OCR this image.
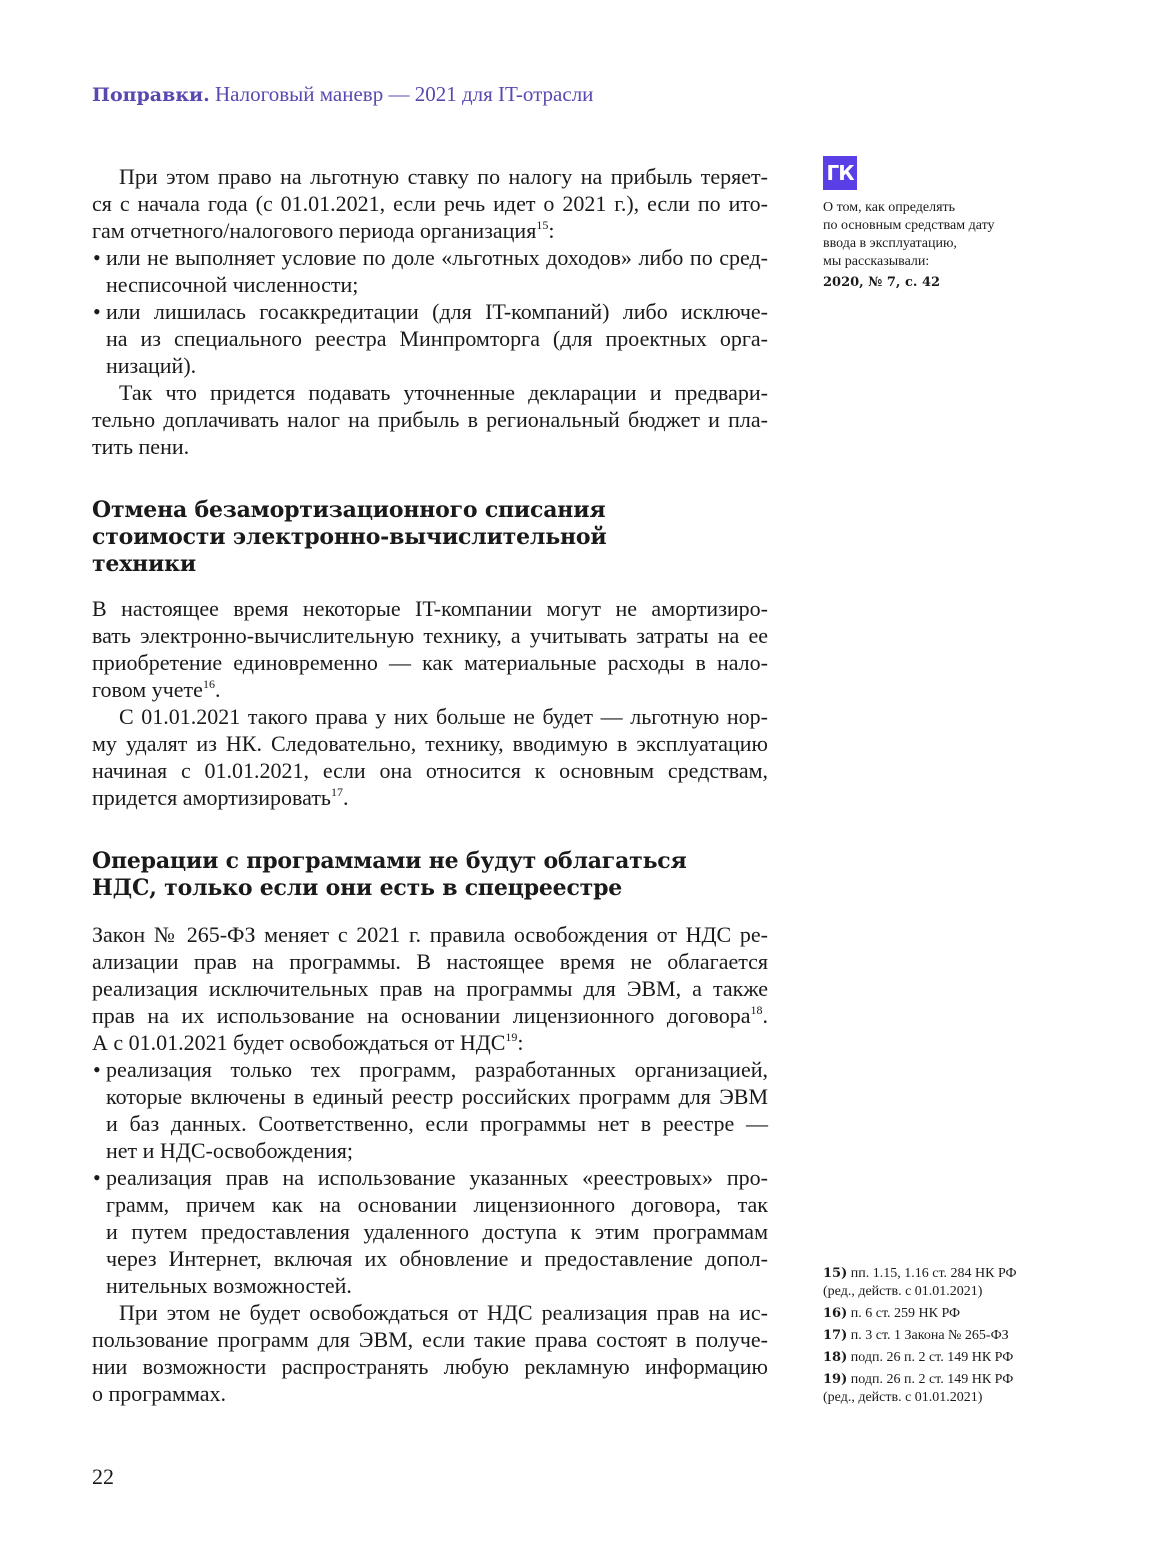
Поправки. Налоговый маневр — 2021 для IT-отрасли
При этом право на льготную ставку по налогу на прибыль теряет-
ся с начала года (с 01.01.2021, если речь идет о 2021 г.), если по ито-
гам отчетного/налогового периода организация$^{15}$:
• или не выполняет условие по доле «льготных доходов» либо по сред-
несписочной численности;
• или лишилась госаккредитации (для IT-компаний) либо исключе-
на из специального реестра Минпромторга (для проектных орга-
низаций).
Так что придется подавать уточненные декларации и предвари-
тельно доплачивать налог на прибыль в региональный бюджет и пла-
тить пени.
Отмена безамортизационного списания
стоимости электронно-вычислительной
техники
В настоящее время некоторые IT-компании могут не амортизиро-
вать электронно-вычислительную технику, а учитывать затраты на ее
приобретение единовременно — как материальные расходы в нало-
говом учете$^{16}$.
С 01.01.2021 такого права у них больше не будет — льготную нор-
му удалят из НК. Следовательно, технику, вводимую в эксплуатацию
начиная с 01.01.2021, если она относится к основным средствам,
придется амортизировать$^{17}$.
Операции с программами не будут облагаться
НДС, только если они есть в спецреестре
Закон № 265-ФЗ меняет с 2021 г. правила освобождения от НДС ре-
ализации прав на программы. В настоящее время не облагается
реализация исключительных прав на программы для ЭВМ, а также
прав на их использование на основании лицензионного договора$^{18}$.
А с 01.01.2021 будет освобождаться от НДС$^{19}$:
• реализация только тех программ, разработанных организацией,
которые включены в единый реестр российских программ для ЭВМ
и баз данных. Соответственно, если программы нет в реестре —
нет и НДС-освобождения;
• реализация прав на использование указанных «реестровых» про-
грамм, причем как на основании лицензионного договора, так
и путем предоставления удаленного доступа к этим программам
через Интернет, включая их обновление и предоставление допол-
нительных возможностей.
При этом не будет освобождаться от НДС реализация прав на ис-
пользование программ для ЭВМ, если такие права состоят в получе-
нии возможности распространять любую рекламную информацию
о программах.
ГК
О том, как определять
по основным средствам дату
ввода в эксплуатацию,
мы рассказывали:
2020, № 7, с. 42
15) пп. 1.15, 1.16 ст. 284 НК РФ
(ред., действ. с 01.01.2021)
16) п. 6 ст. 259 НК РФ
17) п. 3 ст. 1 Закона № 265-ФЗ
18) подп. 26 п. 2 ст. 149 НК РФ
19) подп. 26 п. 2 ст. 149 НК РФ
(ред., действ. с 01.01.2021)
22
